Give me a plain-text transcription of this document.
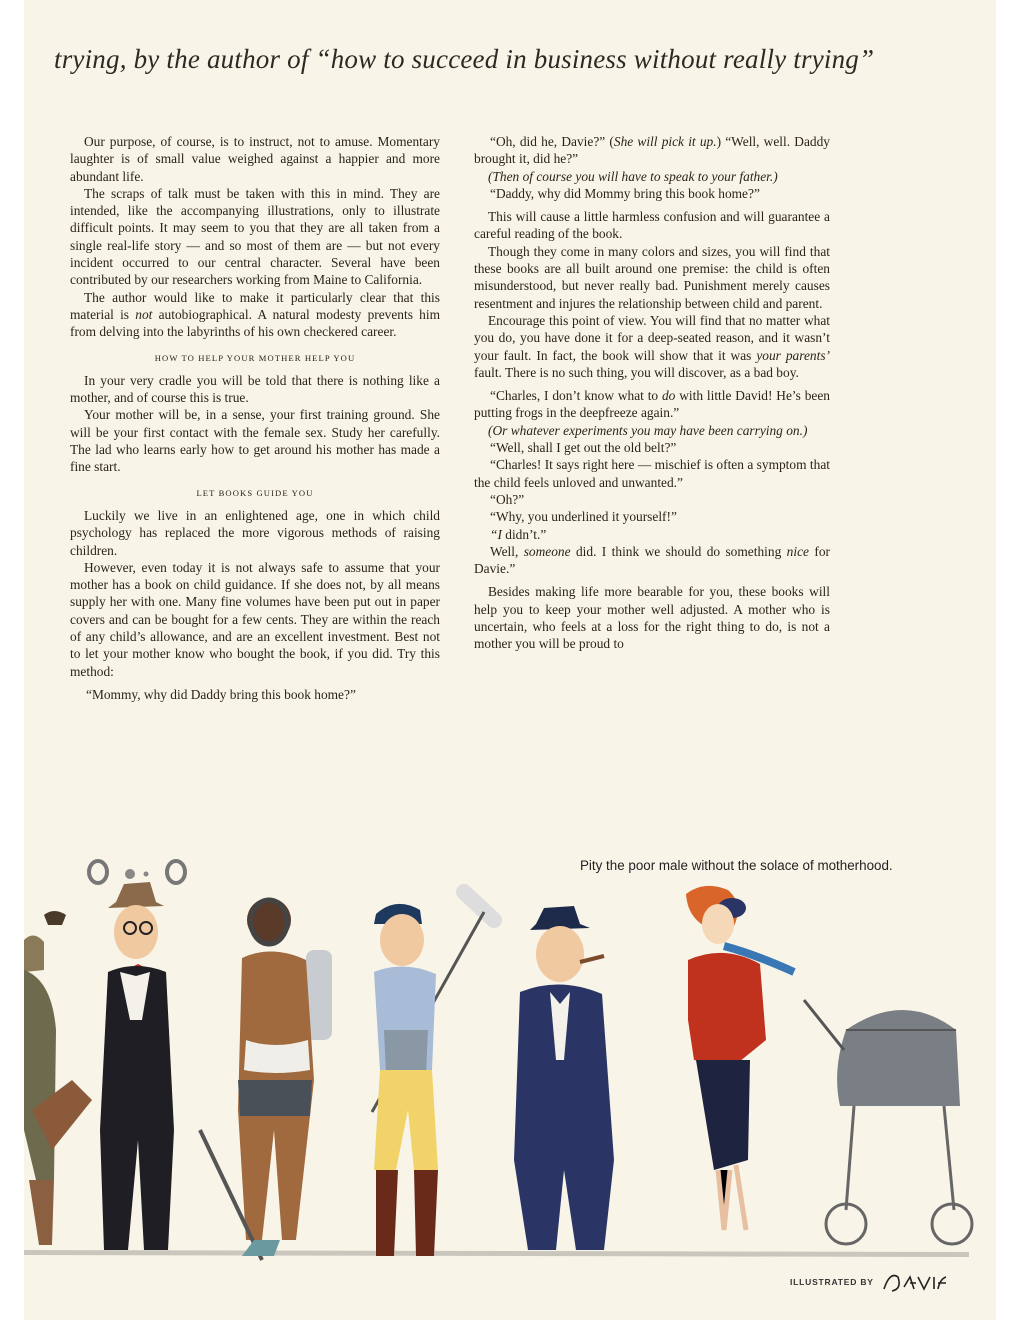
trying, by the author of “how to succeed in business without really trying”

Our purpose, of course, is to instruct, not to amuse. Momentary laughter is of small value weighed against a happier and more abundant life.

The scraps of talk must be taken with this in mind. They are intended, like the accompanying illustrations, only to illustrate difficult points. It may seem to you that they are all taken from a single real-life story — and so most of them are — but not every incident occurred to our central character. Several have been contributed by our researchers working from Maine to California.

The author would like to make it particularly clear that this material is not autobiographical. A natural modesty prevents him from delving into the labyrinths of his own checkered career.

HOW TO HELP YOUR MOTHER HELP YOU

In your very cradle you will be told that there is nothing like a mother, and of course this is true.

Your mother will be, in a sense, your first training ground. She will be your first contact with the female sex. Study her carefully. The lad who learns early how to get around his mother has made a fine start.

LET BOOKS GUIDE YOU

Luckily we live in an enlightened age, one in which child psychology has replaced the more vigorous methods of raising children.

However, even today it is not always safe to assume that your mother has a book on child guidance. If she does not, by all means supply her with one. Many fine volumes have been put out in paper covers and can be bought for a few cents. They are within the reach of any child’s allowance, and are an excellent investment. Best not to let your mother know who bought the book, if you did. Try this method:

“Mommy, why did Daddy bring this book home?”

“Oh, did he, Davie?” (She will pick it up.) “Well, well. Daddy brought it, did he?”

(Then of course you will have to speak to your father.)

“Daddy, why did Mommy bring this book home?”

This will cause a little harmless confusion and will guarantee a careful reading of the book.

Though they come in many colors and sizes, you will find that these books are all built around one premise: the child is often misunderstood, but never really bad. Punishment merely causes resentment and injures the relationship between child and parent.

Encourage this point of view. You will find that no matter what you do, you have done it for a deep-seated reason, and it wasn’t your fault. In fact, the book will show that it was your parents’ fault. There is no such thing, you will discover, as a bad boy.

“Charles, I don’t know what to do with little David! He’s been putting frogs in the deepfreeze again.”

(Or whatever experiments you may have been carrying on.)

“Well, shall I get out the old belt?”

“Charles! It says right here — mischief is often a symptom that the child feels unloved and unwanted.”

“Oh?”

“Why, you underlined it yourself!”

“I didn’t.”

Well, someone did. I think we should do something nice for Davie.”

Besides making life more bearable for you, these books will help you to keep your mother well adjusted. A mother who is uncertain, who feels at a loss for the right thing to do, is not a mother you will be proud to

Pity the poor male without the solace of motherhood.
ILLUSTRATED BY
